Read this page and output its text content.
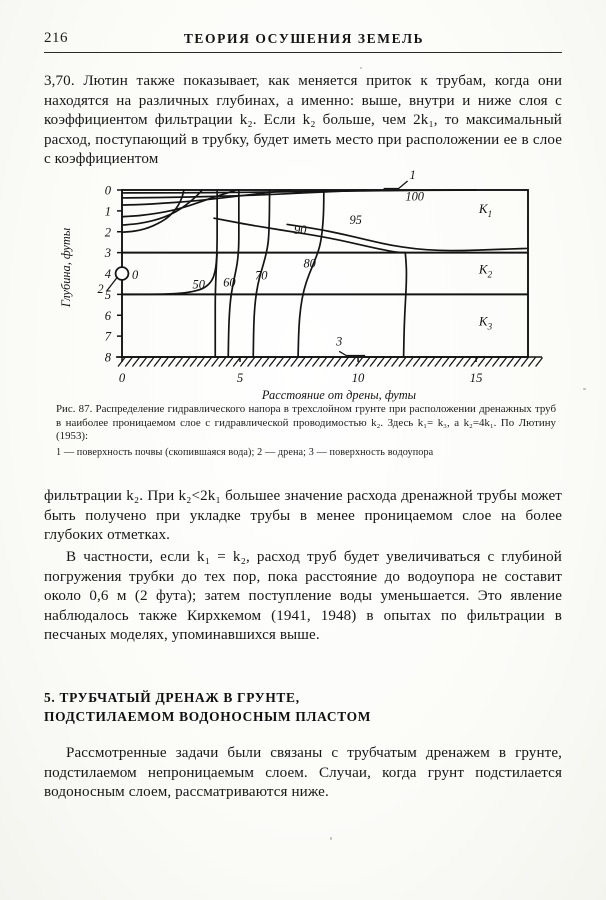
216	ТЕОРИЯ ОСУШЕНИЯ ЗЕМЕЛЬ
3,70. Лютин также показывает, как меняется приток к трубам, когда они находятся на различных глубинах, а именно: выше, внутри и ниже слоя с коэффициентом фильтрации k₂. Если k₂ больше, чем 2k₁, то максимальный расход, поступающий в трубку, будет иметь место при расположении ее в слое с коэффициентом
0
1
2
3
4
5
6
7
8
0	5	10	15
Расстояние от дрены, футы
Глубина, футы	50 60
70
80
90
95
100
$K_1$
$K_2$
$K_3$
0
1
2
3
Рис. 87. Распределение гидравлического напора в трехслойном грунте при расположении дренажных труб в наиболее проницаемом слое с гидравлической проводимостью k₂. Здесь k₁= k₃, а k₂=4k₁. По Лютину (1953):
1 — поверхность почвы (скопившаяся вода); 2 — дрена; 3 — поверхность водоупора
фильтрации k₂. При k₂<2k₁ большее значение расхода дренажной трубы может быть получено при укладке трубы в менее проницаемом слое на более глубоких отметках.
В частности, если k₁ = k₂, расход труб будет увеличиваться с глубиной погружения трубки до тех пор, пока расстояние до водоупора не составит около 0,6 м (2 фута); затем поступление воды уменьшается. Это явление наблюдалось также Кирхкемом (1941, 1948) в опытах по фильтрации в песчаных моделях, упоминавшихся выше.
5. ТРУБЧАТЫЙ ДРЕНАЖ В ГРУНТЕ,
ПОДСТИЛАЕМОМ ВОДОНОСНЫМ ПЛАСТОМ
Рассмотренные задачи были связаны с трубчатым дренажем в грунте, подстилаемом непроницаемым слоем. Случаи, когда грунт подстилается водоносным слоем, рассматриваются ниже.
